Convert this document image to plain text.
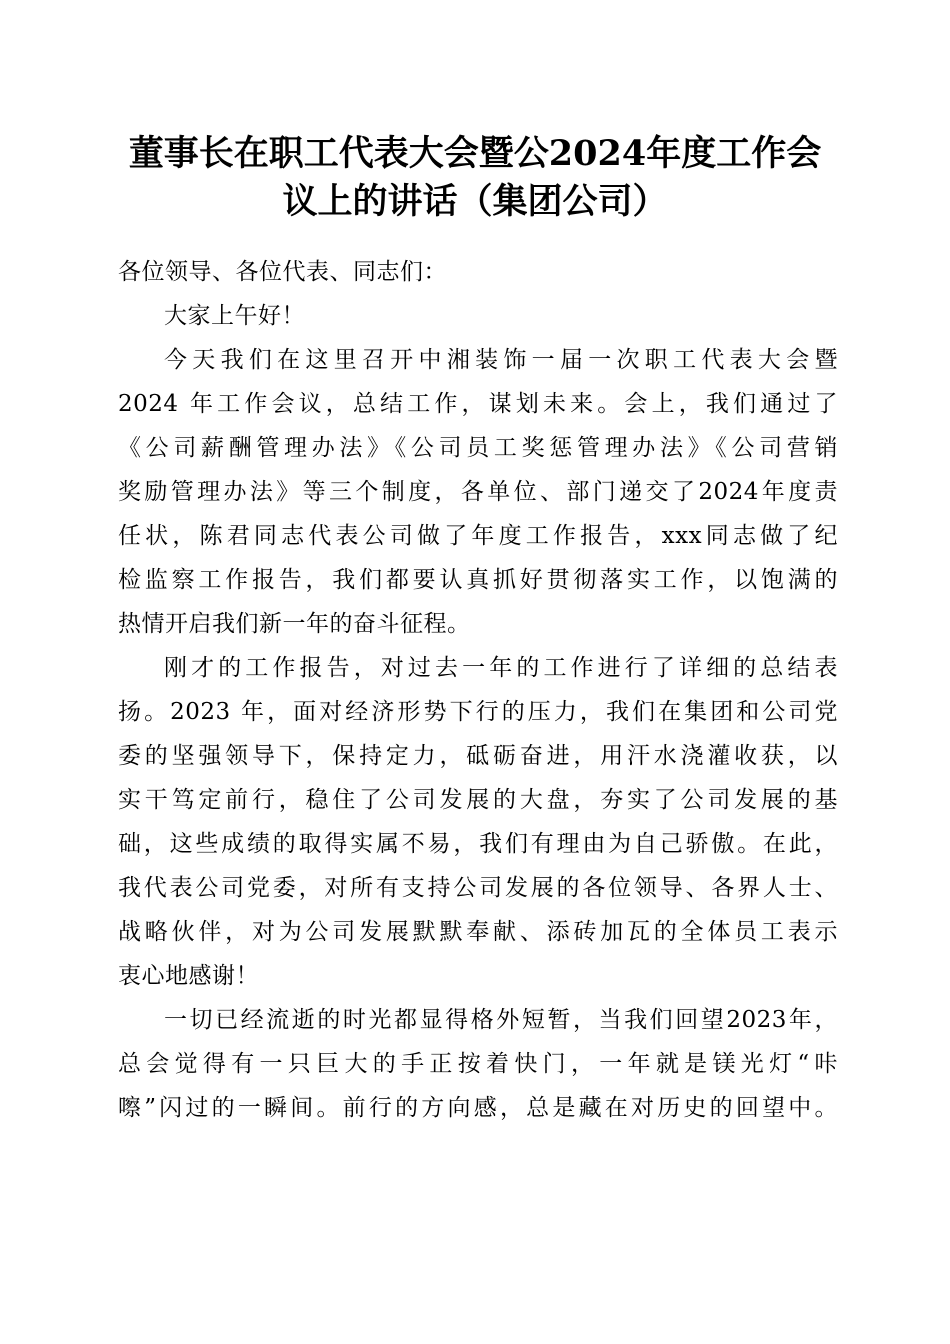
董事长在职工代表大会暨公2024年度工作会
议上的讲话（集团公司）
各位领导、各位代表、同志们：
大家上午好！
今天我们在这里召开中湘装饰一届一次职工代表大会暨
2024 年工作会议，总结工作，谋划未来。会上，我们通过了
《公司薪酬管理办法》《公司员工奖惩管理办法》《公司营销
奖励管理办法》等三个制度，各单位、部门递交了2024年度责
任状，陈君同志代表公司做了年度工作报告，xxx同志做了纪
检监察工作报告，我们都要认真抓好贯彻落实工作，以饱满的
热情开启我们新一年的奋斗征程。
刚才的工作报告，对过去一年的工作进行了详细的总结表
扬。2023 年，面对经济形势下行的压力，我们在集团和公司党
委的坚强领导下，保持定力，砥砺奋进，用汗水浇灌收获，以
实干笃定前行，稳住了公司发展的大盘，夯实了公司发展的基
础，这些成绩的取得实属不易，我们有理由为自己骄傲。在此，
我代表公司党委，对所有支持公司发展的各位领导、各界人士、
战略伙伴，对为公司发展默默奉献、添砖加瓦的全体员工表示
衷心地感谢！
一切已经流逝的时光都显得格外短暂，当我们回望2023年，
总会觉得有一只巨大的手正按着快门，一年就是镁光灯“咔
嚓”闪过的一瞬间。前行的方向感，总是藏在对历史的回望中。
